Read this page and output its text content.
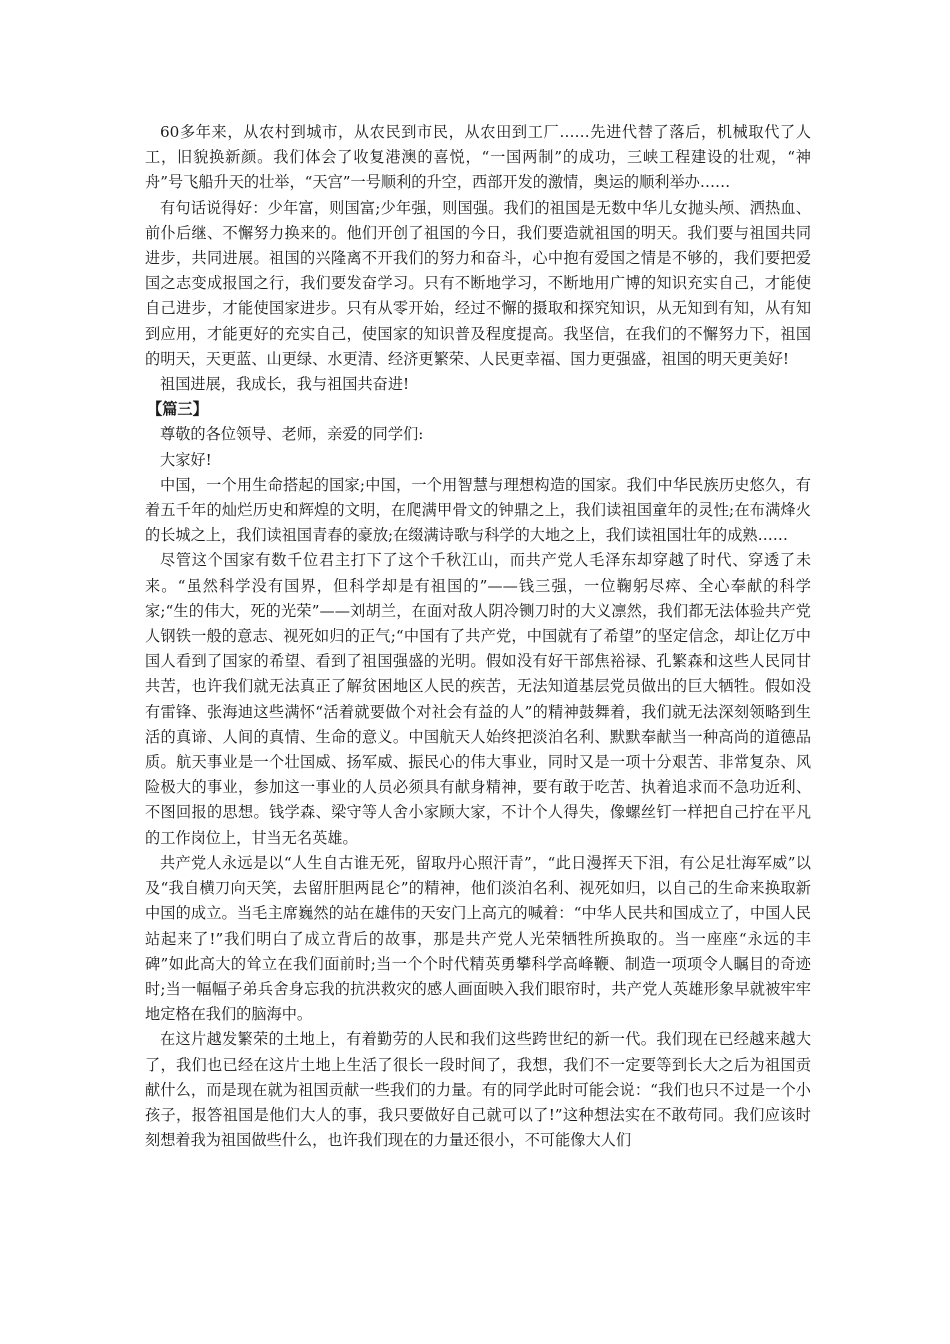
60多年来，从农村到城市，从农民到市民，从农田到工厂……先进代替了落后，机械取代了人工，旧貌换新颜。我们体会了收复港澳的喜悦，“一国两制”的成功，三峡工程建设的壮观，“神舟”号飞船升天的壮举，“天宫”一号顺利的升空，西部开发的激情，奥运的顺利举办……

有句话说得好：少年富，则国富;少年强，则国强。我们的祖国是无数中华儿女抛头颅、洒热血、前仆后继、不懈努力换来的。他们开创了祖国的今日，我们要造就祖国的明天。我们要与祖国共同进步，共同进展。祖国的兴隆离不开我们的努力和奋斗，心中抱有爱国之情是不够的，我们要把爱国之志变成报国之行，我们要发奋学习。只有不断地学习，不断地用广博的知识充实自己，才能使自己进步，才能使国家进步。只有从零开始，经过不懈的摄取和探究知识，从无知到有知，从有知到应用，才能更好的充实自己，使国家的知识普及程度提高。我坚信，在我们的不懈努力下，祖国的明天，天更蓝、山更绿、水更清、经济更繁荣、人民更幸福、国力更强盛，祖国的明天更美好!

祖国进展，我成长，我与祖国共奋进!

【篇三】

尊敬的各位领导、老师，亲爱的同学们:

大家好!

中国，一个用生命搭起的国家;中国，一个用智慧与理想构造的国家。我们中华民族历史悠久，有着五千年的灿烂历史和辉煌的文明，在爬满甲骨文的钟鼎之上，我们读祖国童年的灵性;在布满烽火的长城之上，我们读祖国青春的豪放;在缀满诗歌与科学的大地之上，我们读祖国壮年的成熟……

尽管这个国家有数千位君主打下了这个千秋江山，而共产党人毛泽东却穿越了时代、穿透了未来。“虽然科学没有国界，但科学却是有祖国的”——钱三强，一位鞠躬尽瘁、全心奉献的科学家;“生的伟大，死的光荣”——刘胡兰，在面对敌人阴冷铡刀时的大义凛然，我们都无法体验共产党人钢铁一般的意志、视死如归的正气;“中国有了共产党，中国就有了希望”的坚定信念，却让亿万中国人看到了国家的希望、看到了祖国强盛的光明。假如没有好干部焦裕禄、孔繁森和这些人民同甘共苦，也许我们就无法真正了解贫困地区人民的疾苦，无法知道基层党员做出的巨大牺牲。假如没有雷锋、张海迪这些满怀“活着就要做个对社会有益的人”的精神鼓舞着，我们就无法深刻领略到生活的真谛、人间的真情、生命的意义。中国航天人始终把淡泊名利、默默奉献当一种高尚的道德品质。航天事业是一个壮国威、扬军威、振民心的伟大事业，同时又是一项十分艰苦、非常复杂、风险极大的事业，参加这一事业的人员必须具有献身精神，要有敢于吃苦、执着追求而不急功近利、不图回报的思想。钱学森、梁守等人舍小家顾大家，不计个人得失，像螺丝钉一样把自己拧在平凡的工作岗位上，甘当无名英雄。

共产党人永远是以“人生自古谁无死，留取丹心照汗青”，“此日漫挥天下泪，有公足壮海军威”以及“我自横刀向天笑，去留肝胆两昆仑”的精神，他们淡泊名利、视死如归，以自己的生命来换取新中国的成立。当毛主席巍然的站在雄伟的天安门上高亢的喊着：“中华人民共和国成立了，中国人民站起来了!”我们明白了成立背后的故事，那是共产党人光荣牺牲所换取的。当一座座“永远的丰碑”如此高大的耸立在我们面前时;当一个个时代精英勇攀科学高峰鞭、制造一项项令人瞩目的奇迹时;当一幅幅子弟兵舍身忘我的抗洪救灾的感人画面映入我们眼帘时，共产党人英雄形象早就被牢牢地定格在我们的脑海中。

在这片越发繁荣的土地上，有着勤劳的人民和我们这些跨世纪的新一代。我们现在已经越来越大了，我们也已经在这片土地上生活了很长一段时间了，我想，我们不一定要等到长大之后为祖国贡献什么，而是现在就为祖国贡献一些我们的力量。有的同学此时可能会说：“我们也只不过是一个小孩子，报答祖国是他们大人的事，我只要做好自己就可以了!”这种想法实在不敢苟同。我们应该时刻想着我为祖国做些什么，也许我们现在的力量还很小，不可能像大人们
